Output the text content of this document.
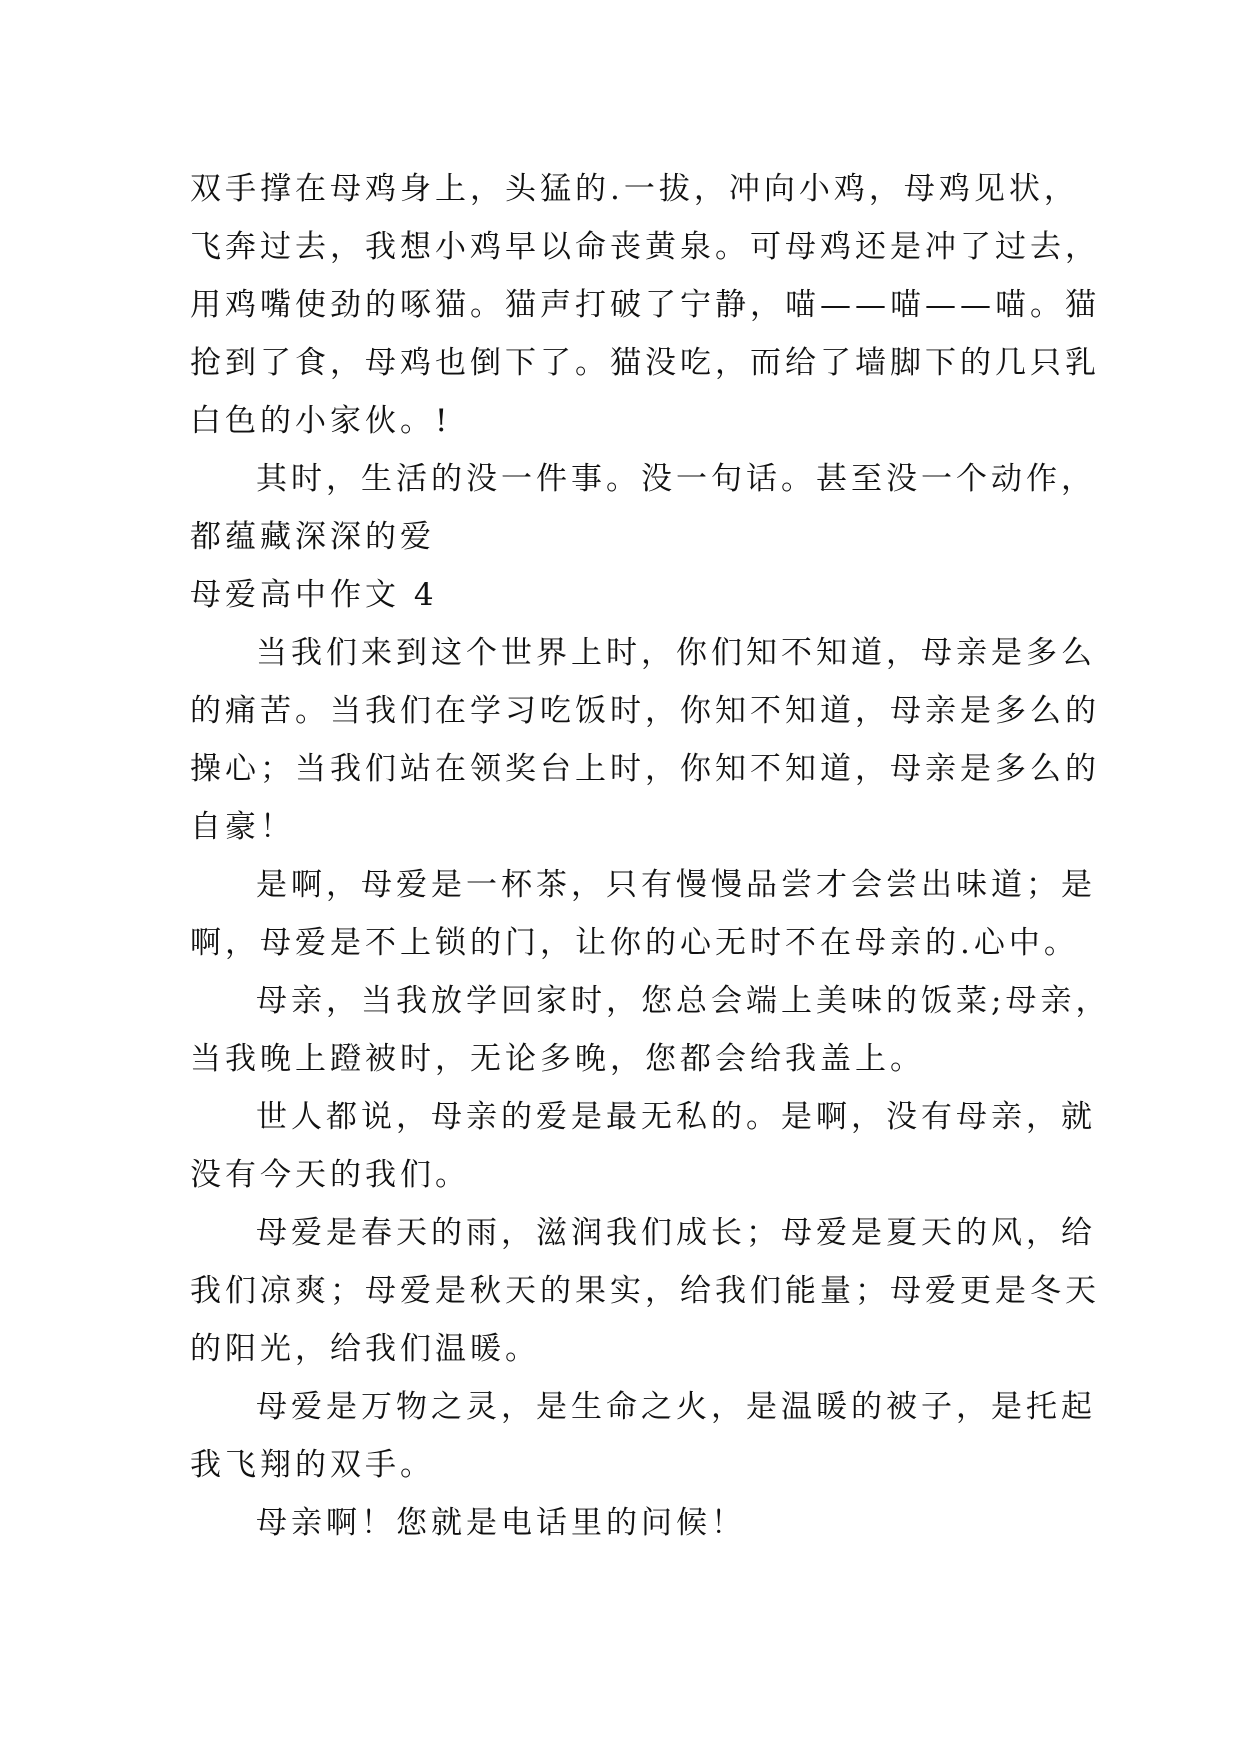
双手撑在母鸡身上，头猛的.一拔，冲向小鸡，母鸡见状，
飞奔过去，我想小鸡早以命丧黄泉。可母鸡还是冲了过去，
用鸡嘴使劲的啄猫。猫声打破了宁静，喵——喵——喵。猫
抢到了食，母鸡也倒下了。猫没吃，而给了墙脚下的几只乳
白色的小家伙。!
其时，生活的没一件事。没一句话。甚至没一个动作，
都蕴藏深深的爱
母爱高中作文 4
当我们来到这个世界上时，你们知不知道，母亲是多么
的痛苦。当我们在学习吃饭时，你知不知道，母亲是多么的
操心；当我们站在领奖台上时，你知不知道，母亲是多么的
自豪！
是啊，母爱是一杯茶，只有慢慢品尝才会尝出味道；是
啊，母爱是不上锁的门，让你的心无时不在母亲的.心中。
母亲，当我放学回家时，您总会端上美味的饭菜;母亲，
当我晚上蹬被时，无论多晚，您都会给我盖上。
世人都说，母亲的爱是最无私的。是啊，没有母亲，就
没有今天的我们。
母爱是春天的雨，滋润我们成长；母爱是夏天的风，给
我们凉爽；母爱是秋天的果实，给我们能量；母爱更是冬天
的阳光，给我们温暖。
母爱是万物之灵，是生命之火，是温暖的被子，是托起
我飞翔的双手。
母亲啊！您就是电话里的问候！
